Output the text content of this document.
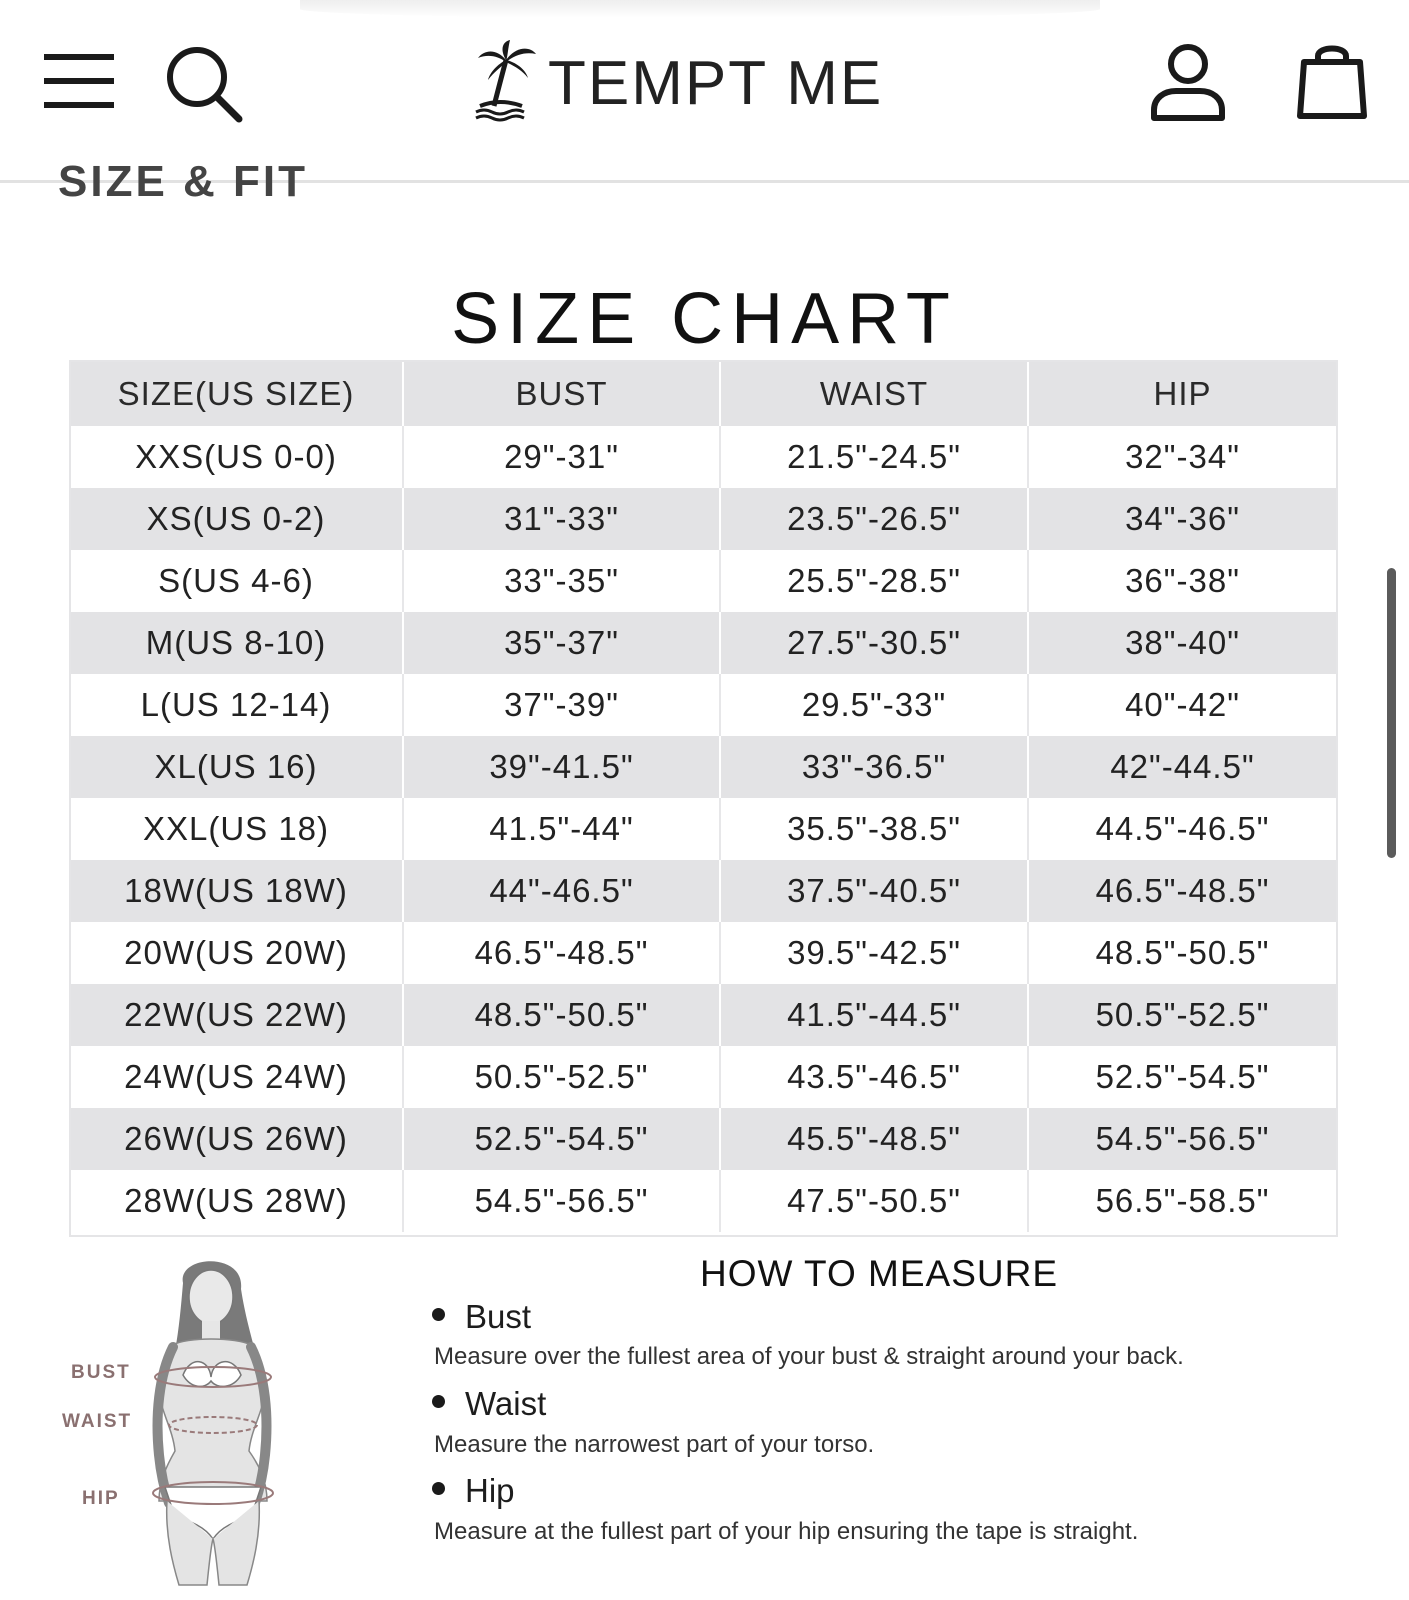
TEMPT ME
SIZE & FIT
SIZE CHART
SIZE(US SIZE)	BUST	WAIST	HIP
XXS(US 0-0)	29"-31"	21.5"-24.5"	32"-34"
XS(US 0-2)	31"-33"	23.5"-26.5"	34"-36"
S(US 4-6)	33"-35"	25.5"-28.5"	36"-38"
M(US 8-10)	35"-37"	27.5"-30.5"	38"-40"
L(US 12-14)	37"-39"	29.5"-33"	40"-42"
XL(US 16)	39"-41.5"	33"-36.5"	42"-44.5"
XXL(US 18)	41.5"-44"	35.5"-38.5"	44.5"-46.5"
18W(US 18W)	44"-46.5"	37.5"-40.5"	46.5"-48.5"
20W(US 20W)	46.5"-48.5"	39.5"-42.5"	48.5"-50.5"
22W(US 22W)	48.5"-50.5"	41.5"-44.5"	50.5"-52.5"
24W(US 24W)	50.5"-52.5"	43.5"-46.5"	52.5"-54.5"
26W(US 26W)	52.5"-54.5"	45.5"-48.5"	54.5"-56.5"
28W(US 28W)	54.5"-56.5"	47.5"-50.5"	56.5"-58.5"
BUST
WAIST
HIP
HOW TO MEASURE
Bust
Measure over the fullest area of your bust & straight around your back.
Waist
Measure the narrowest part of your torso.
Hip
Measure at the fullest part of your hip ensuring the tape is straight.
